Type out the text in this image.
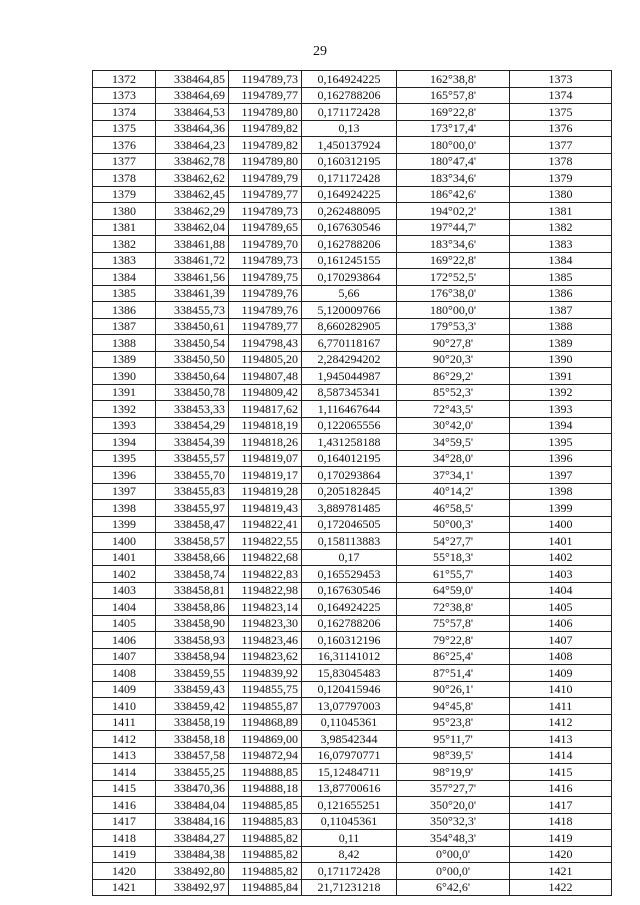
29
1372	338464,85	1194789,73	0,164924225	162°38,8'	1373
1373	338464,69	1194789,77	0,162788206	165°57,8'	1374
1374	338464,53	1194789,80	0,171172428	169°22,8'	1375
1375	338464,36	1194789,82	0,13	173°17,4'	1376
1376	338464,23	1194789,82	1,450137924	180°00,0'	1377
1377	338462,78	1194789,80	0,160312195	180°47,4'	1378
1378	338462,62	1194789,79	0,171172428	183°34,6'	1379
1379	338462,45	1194789,77	0,164924225	186°42,6'	1380
1380	338462,29	1194789,73	0,262488095	194°02,2'	1381
1381	338462,04	1194789,65	0,167630546	197°44,7'	1382
1382	338461,88	1194789,70	0,162788206	183°34,6'	1383
1383	338461,72	1194789,73	0,161245155	169°22,8'	1384
1384	338461,56	1194789,75	0,170293864	172°52,5'	1385
1385	338461,39	1194789,76	5,66	176°38,0'	1386
1386	338455,73	1194789,76	5,120009766	180°00,0'	1387
1387	338450,61	1194789,77	8,660282905	179°53,3'	1388
1388	338450,54	1194798,43	6,770118167	90°27,8'	1389
1389	338450,50	1194805,20	2,284294202	90°20,3'	1390
1390	338450,64	1194807,48	1,945044987	86°29,2'	1391
1391	338450,78	1194809,42	8,587345341	85°52,3'	1392
1392	338453,33	1194817,62	1,116467644	72°43,5'	1393
1393	338454,29	1194818,19	0,122065556	30°42,0'	1394
1394	338454,39	1194818,26	1,431258188	34°59,5'	1395
1395	338455,57	1194819,07	0,164012195	34°28,0'	1396
1396	338455,70	1194819,17	0,170293864	37°34,1'	1397
1397	338455,83	1194819,28	0,205182845	40°14,2'	1398
1398	338455,97	1194819,43	3,889781485	46°58,5'	1399
1399	338458,47	1194822,41	0,172046505	50°00,3'	1400
1400	338458,57	1194822,55	0,158113883	54°27,7'	1401
1401	338458,66	1194822,68	0,17	55°18,3'	1402
1402	338458,74	1194822,83	0,165529453	61°55,7'	1403
1403	338458,81	1194822,98	0,167630546	64°59,0'	1404
1404	338458,86	1194823,14	0,164924225	72°38,8'	1405
1405	338458,90	1194823,30	0,162788206	75°57,8'	1406
1406	338458,93	1194823,46	0,160312196	79°22,8'	1407
1407	338458,94	1194823,62	16,31141012	86°25,4'	1408
1408	338459,55	1194839,92	15,83045483	87°51,4'	1409
1409	338459,43	1194855,75	0,120415946	90°26,1'	1410
1410	338459,42	1194855,87	13,07797003	94°45,8'	1411
1411	338458,19	1194868,89	0,11045361	95°23,8'	1412
1412	338458,18	1194869,00	3,98542344	95°11,7'	1413
1413	338457,58	1194872,94	16,07970771	98°39,5'	1414
1414	338455,25	1194888,85	15,12484711	98°19,9'	1415
1415	338470,36	1194888,18	13,87700616	357°27,7'	1416
1416	338484,04	1194885,85	0,121655251	350°20,0'	1417
1417	338484,16	1194885,83	0,11045361	350°32,3'	1418
1418	338484,27	1194885,82	0,11	354°48,3'	1419
1419	338484,38	1194885,82	8,42	0°00,0'	1420
1420	338492,80	1194885,82	0,171172428	0°00,0'	1421
1421	338492,97	1194885,84	21,71231218	6°42,6'	1422
